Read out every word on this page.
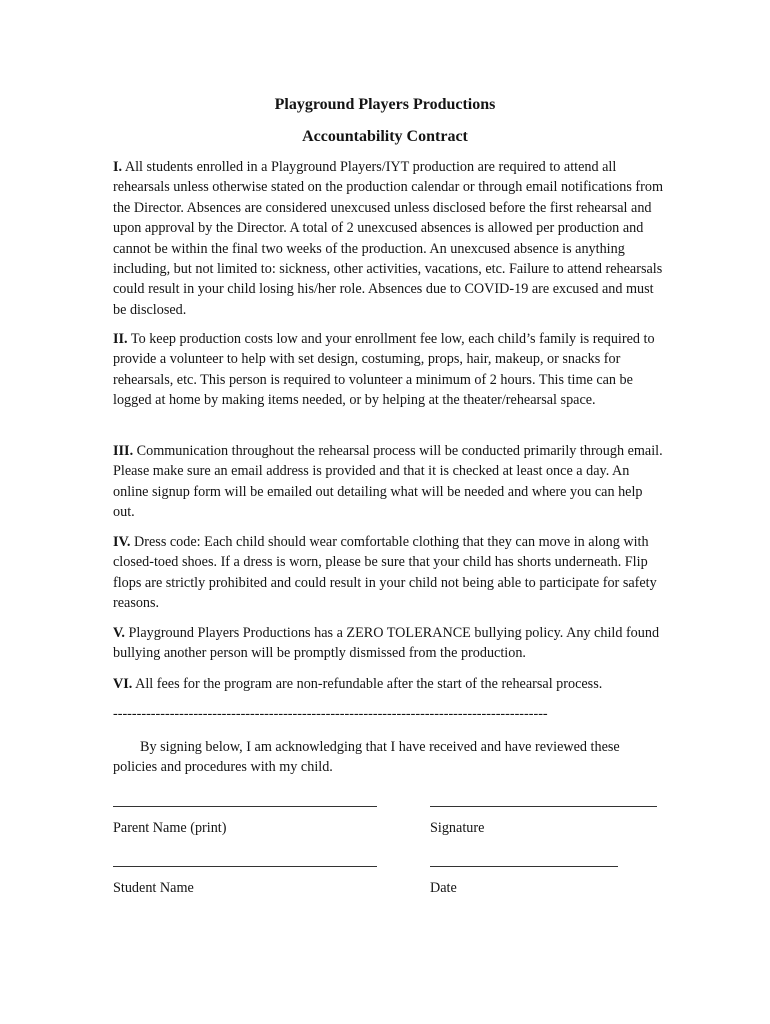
Playground Players Productions
Accountability Contract

I. All students enrolled in a Playground Players/IYT production are required to attend all rehearsals unless otherwise stated on the production calendar or through email notifications from the Director. Absences are considered unexcused unless disclosed before the first rehearsal and upon approval by the Director. A total of 2 unexcused absences is allowed per production and cannot be within the final two weeks of the production. An unexcused absence is anything including, but not limited to: sickness, other activities, vacations, etc. Failure to attend rehearsals could result in your child losing his/her role. Absences due to COVID-19 are excused and must be disclosed.

II. To keep production costs low and your enrollment fee low, each child’s family is required to provide a volunteer to help with set design, costuming, props, hair, makeup, or snacks for rehearsals, etc. This person is required to volunteer a minimum of 2 hours. This time can be logged at home by making items needed, or by helping at the theater/rehearsal space.

III. Communication throughout the rehearsal process will be conducted primarily through email. Please make sure an email address is provided and that it is checked at least once a day. An online signup form will be emailed out detailing what will be needed and where you can help out.

IV. Dress code: Each child should wear comfortable clothing that they can move in along with closed-toed shoes. If a dress is worn, please be sure that your child has shorts underneath. Flip flops are strictly prohibited and could result in your child not being able to participate for safety reasons.

V. Playground Players Productions has a ZERO TOLERANCE bullying policy. Any child found bullying another person will be promptly dismissed from the production.

VI. All fees for the program are non-refundable after the start of the rehearsal process.

--------------------------------------------------------------------------------------------

By signing below, I am acknowledging that I have received and have reviewed these policies and procedures with my child.

Parent Name (print)	Signature
Student Name	Date
